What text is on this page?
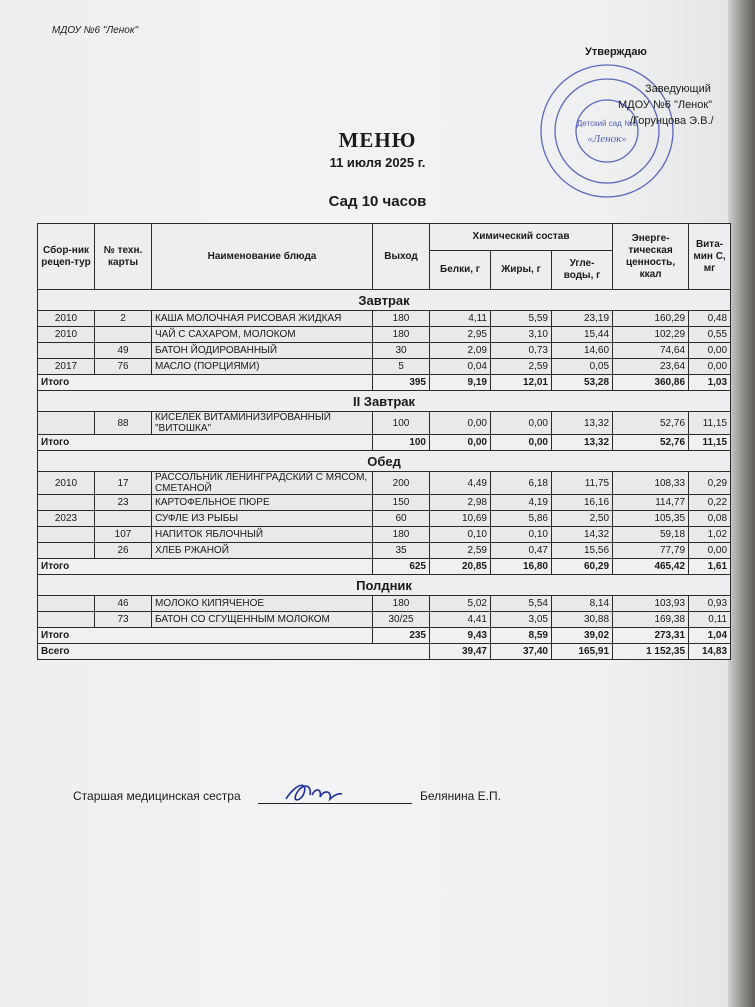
МДОУ №6 "Ленок"
Утверждаю
Детский сад №6
«Ленок»
Заведующий
МДОУ №6 "Ленок"
/Горунцова Э.В./
МЕНЮ
11 июля 2025 г.
Сад 10 часов
Сбор-ник рецеп-тур	№ техн. карты	Наименование блюда	Выход	Химический состав			Энерге-тическая ценность, ккал	Вита-мин С, мг
				Белки, г	Жиры, г	Угле-воды, г		
Завтрак								
2010	2	КАША МОЛОЧНАЯ РИСОВАЯ ЖИДКАЯ	180	4,11	5,59	23,19	160,29	0,48
2010		ЧАЙ С САХАРОМ, МОЛОКОМ	180	2,95	3,10	15,44	102,29	0,55
	49	БАТОН ЙОДИРОВАННЫЙ	30	2,09	0,73	14,60	74,64	0,00
2017	76	МАСЛО (ПОРЦИЯМИ)	5	0,04	2,59	0,05	23,64	0,00
Итого			395	9,19	12,01	53,28	360,86	1,03
II Завтрак								
	88	КИСЕЛЕК ВИТАМИНИЗИРОВАННЫЙ "ВИТОШКА"	100	0,00	0,00	13,32	52,76	11,15
Итого			100	0,00	0,00	13,32	52,76	11,15
Обед								
2010	17	РАССОЛЬНИК ЛЕНИНГРАДСКИЙ С МЯСОМ, СМЕТАНОЙ	200	4,49	6,18	11,75	108,33	0,29
	23	КАРТОФЕЛЬНОЕ ПЮРЕ	150	2,98	4,19	16,16	114,77	0,22
2023		СУФЛЕ ИЗ РЫБЫ	60	10,69	5,86	2,50	105,35	0,08
	107	НАПИТОК ЯБЛОЧНЫЙ	180	0,10	0,10	14,32	59,18	1,02
	26	ХЛЕБ РЖАНОЙ	35	2,59	0,47	15,56	77,79	0,00
Итого			625	20,85	16,80	60,29	465,42	1,61
Полдник								
	46	МОЛОКО КИПЯЧЕНОЕ	180	5,02	5,54	8,14	103,93	0,93
	73	БАТОН СО СГУЩЕННЫМ МОЛОКОМ	30/25	4,41	3,05	30,88	169,38	0,11
Итого			235	9,43	8,59	39,02	273,31	1,04
Всего				39,47	37,40	165,91	1 152,35	14,83
Старшая медицинская сестра	Белянина Е.П.
